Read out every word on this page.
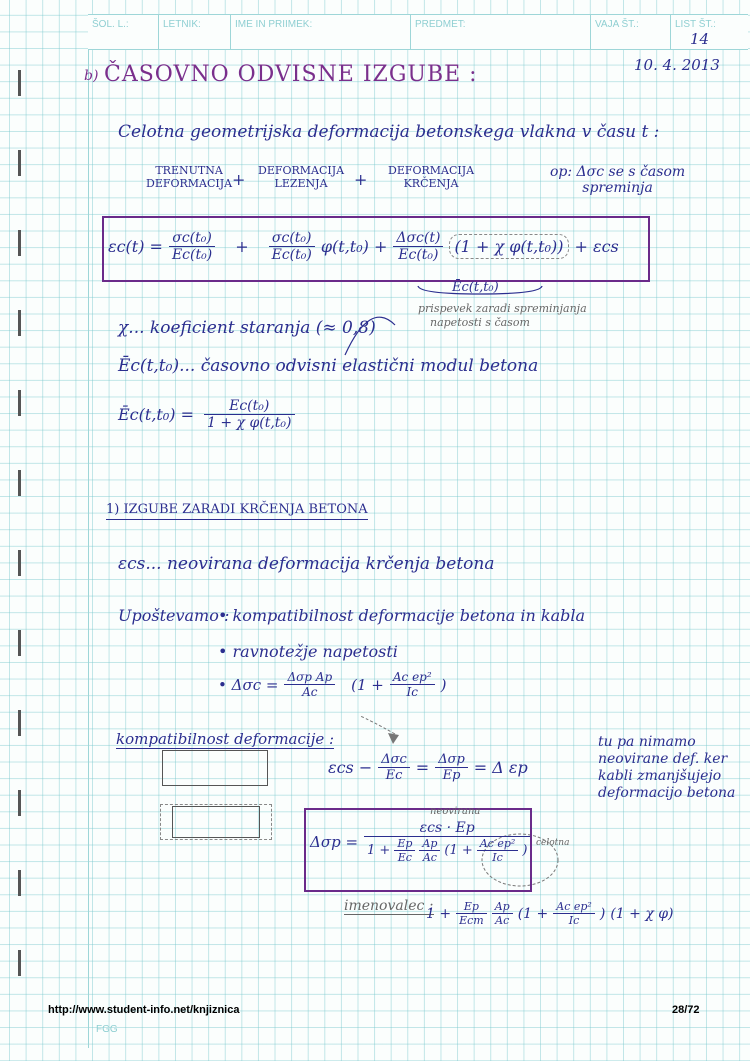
ŠOL. L.:	LETNIK:	IME IN PRIIMEK:	PREDMET:	VAJA ŠT.:	LIST ŠT.:
14
10. 4. 2013
b) ČASOVNO ODVISNE IZGUBE :
Celotna geometrijska deformacija betonskega vlakna v času t :
TRENUTNA
DEFORMACIJA + DEFORMACIJA
LEZENJA	+ DEFORMACIJA
KRČENJA
op: Δσc se s časom
spreminja
$\varepsilon c(t) = \frac{\text{σc(t₀)}}{\text{Ec(t₀)}} + \frac{\text{σc(t₀)}}{\text{Ec(t₀)}} \varphi(t,t_0) + \frac{\text{Δσc(t)}}{\text{Ec(t₀)}} (1 + \chi$ φ(t,t₀)) + εcs
Ēc(t,t₀)
prispevek zaradi spreminjanja
napetosti s časom
χ... koeficient staranja (≈ 0,8)
Ēc(t,t₀)... časovno odvisni elastični modul betona
Ēc(t,t₀) = $\frac{\text{Ec(t₀)}}{\text{1 + χ φ(t,t₀)}}$
1) IZGUBE ZARADI KRČENJA BETONA
εcs... neovirana deformacija krčenja betona
Upoštevamo :
• kompatibilnost deformacije betona in kabla
• ravnotežje napetosti
• $\Delta\sigma c = \frac{\text{Δσp Ap}}{Ac} (1 + \frac{\text{Ac ep²}}{Ic}$ )
kompatibilnost deformacije :
$\varepsilon cs - \frac{\text{Δσc}}{Ec} = \frac{\text{Δσp}}{Ep} = \Delta$ εp
tu pa nimamo
neovirane def. ker
kabli zmanjšujejo
deformacijo betona
neovirana
$\Delta\sigma p = \frac{\text{εcs · Ep}}{1 + \frac{Ep}{Ec} \frac{Ap}{Ac} (1 + \frac{\text{Ac ep²}}{Ic} )}$ celotna
imenovalec :
$1 + \frac{Ep}{\text{Ecm}} \frac{Ap}{Ac} (1 + \frac{\text{Ac ep²}}{Ic}$ ) (1 + χ φ)
http://www.student-info.net/knjiznica	28/72
FGG
